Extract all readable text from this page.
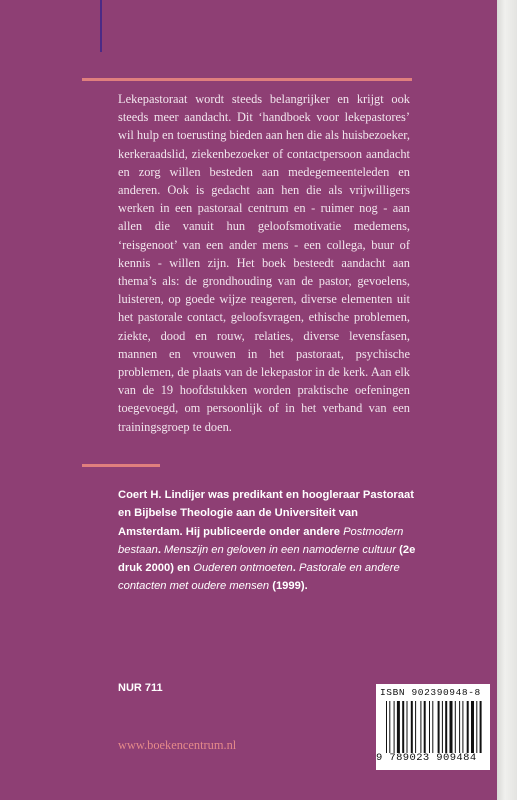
Lekepastoraat wordt steeds belangrijker en krijgt ook steeds meer aandacht. Dit ‘handboek voor lekepastores’ wil hulp en toerusting bieden aan hen die als huisbezoeker, kerkeraadslid, ziekenbezoeker of contactpersoon aandacht en zorg willen besteden aan medegemeenteleden en anderen. Ook is gedacht aan hen die als vrijwilligers werken in een pastoraal centrum en - ruimer nog - aan allen die vanuit hun geloofsmotivatie medemens, ‘reisgenoot’ van een ander mens - een collega, buur of kennis - willen zijn. Het boek besteedt aandacht aan thema’s als: de grondhouding van de pastor, gevoelens, luisteren, op goede wijze reageren, diverse elementen uit het pastorale contact, geloofsvragen, ethische problemen, ziekte, dood en rouw, relaties, diverse levensfasen, mannen en vrouwen in het pastoraat, psychische problemen, de plaats van de lekepastor in de kerk. Aan elk van de 19 hoofdstukken worden praktische oefeningen toegevoegd, om persoonlijk of in het verband van een trainingsgroep te doen.

Coert H. Lindijer was predikant en hoogleraar Pastoraat en Bijbelse Theologie aan de Universiteit van Amsterdam. Hij publiceerde onder andere Postmodern bestaan. Menszijn en geloven in een namoderne cultuur (2e druk 2000) en Ouderen ontmoeten. Pastorale en andere contacten met oudere mensen (1999).
NUR 711
www.boekencentrum.nl
ISBN 902390948-8
9 789023 909484
